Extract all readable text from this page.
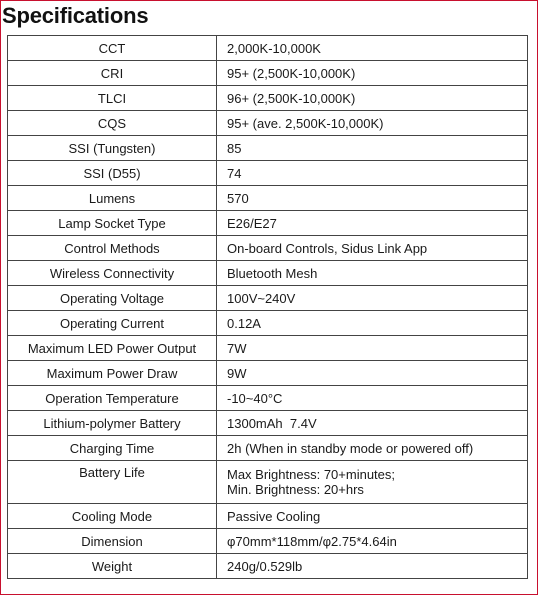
Specifications
CCT	2,000K-10,000K
CRI	95+ (2,500K-10,000K)
TLCI	96+ (2,500K-10,000K)
CQS	95+ (ave. 2,500K-10,000K)
SSI (Tungsten)	85
SSI (D55)	74
Lumens	570
Lamp Socket Type	E26/E27
Control Methods	On-board Controls, Sidus Link App
Wireless Connectivity	Bluetooth Mesh
Operating Voltage	100V~240V
Operating Current	0.12A
Maximum LED Power Output	7W
Maximum Power Draw	9W
Operation Temperature	-10~40°C
Lithium-polymer Battery	1300mAh  7.4V
Charging Time	2h (When in standby mode or powered off)
Battery Life	Max Brightness: 70+minutes;
Min. Brightness: 20+hrs

Cooling Mode	Passive Cooling
Dimension	φ70mm*118mm/φ2.75*4.64in
Weight	240g/0.529lb
